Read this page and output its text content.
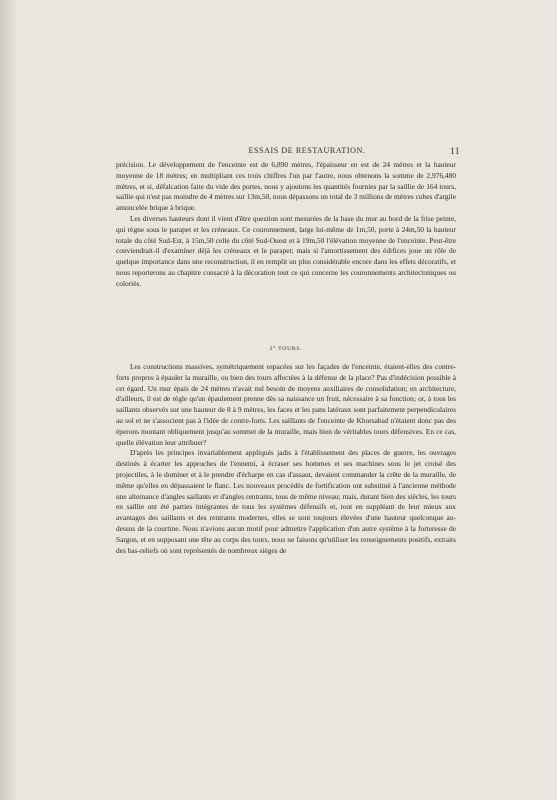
ESSAIS DE RESTAURATION.	11

précision. Le développement de l'enceinte est de 6,890 mètres, l'épaisseur en est de 24 mètres et la hauteur moyenne de 18 mètres; en multipliant ces trois chiffres l'un par l'autre, nous obtenons la somme de 2,976,480 mètres, et si, défalcation faite du vide des portes, nous y ajoutons les quantités fournies par la saillie de 164 tours, saillie qui n'est pas moindre de 4 mètres sur 13m,50, nous dépassons un total de 3 millions de mètres cubes d'argile amoncelée brique à brique.

Les diverses hauteurs dont il vient d'être question sont mesurées de la base du mur au bord de la frise peinte, qui règne sous le parapet et les créneaux. Ce couronnement, large lui-même de 1m,50, porte à 24m,50 la hauteur totale du côté Sud-Est, à 15m,50 celle du côté Sud-Ouest et à 19m,50 l'élévation moyenne de l'enceinte. Peut-être conviendrait-il d'examiner déjà les créneaux et le parapet; mais si l'amortissement des édifices joue un rôle de quelque importance dans une reconstruction, il en remplit un plus considérable encore dans les effets décoratifs, et nous reporterons au chapitre consacré à la décoration tout ce qui concerne les couronnements architectoniques ou coloriés.

2° TOURS.

Les constructions massives, symétriquement espacées sur les façades de l'enceinte, étaient-elles des contre-forts propres à épauler la muraille, ou bien des tours affectées à la défense de la place? Pas d'indécision possible à cet égard. Un mur épais de 24 mètres n'avait nul besoin de moyens auxiliaires de consolidation; en architecture, d'ailleurs, il est de règle qu'un épaulement prenne dès sa naissance un fruit, nécessaire à sa fonction; or, à tous les saillants observés sur une hauteur de 8 à 9 mètres, les faces et les pans latéraux sont parfaitement perpendiculaires au sol et ne s'associent pas à l'idée de contre-forts. Les saillants de l'enceinte de Khorsabad n'étaient donc pas des éperons montant obliquement jusqu'au sommet de la muraille, mais bien de véritables tours défensives. En ce cas, quelle élévation leur attribuer?

D'après les principes invariablement appliqués jadis à l'établissement des places de guerre, les ouvrages destinés à écarter les approches de l'ennemi, à écraser ses hommes et ses machines sous le jet croisé des projectiles, à le dominer et à le prendre d'écharpe en cas d'assaut, devaient commander la crête de la muraille, de même qu'elles en dépassaient le flanc. Les nouveaux procédés de fortification ont substitué à l'ancienne méthode une alternance d'angles saillants et d'angles rentrants, tous de même niveau; mais, durant bien des siècles, les tours en saillie ont été parties intégrantes de tous les systèmes défensifs et, tout en suppléant de leur mieux aux avantages des saillants et des rentrants modernes, elles se sont toujours élevées d'une hauteur quelconque au-dessus de la courtine. Nous n'avions aucun motif pour admettre l'application d'un autre système à la forteresse de Sargon, et en supposant une tête au corps des tours, nous ne faisons qu'utiliser les renseignements positifs, extraits des bas-reliefs où sont représentés de nombreux sièges de
